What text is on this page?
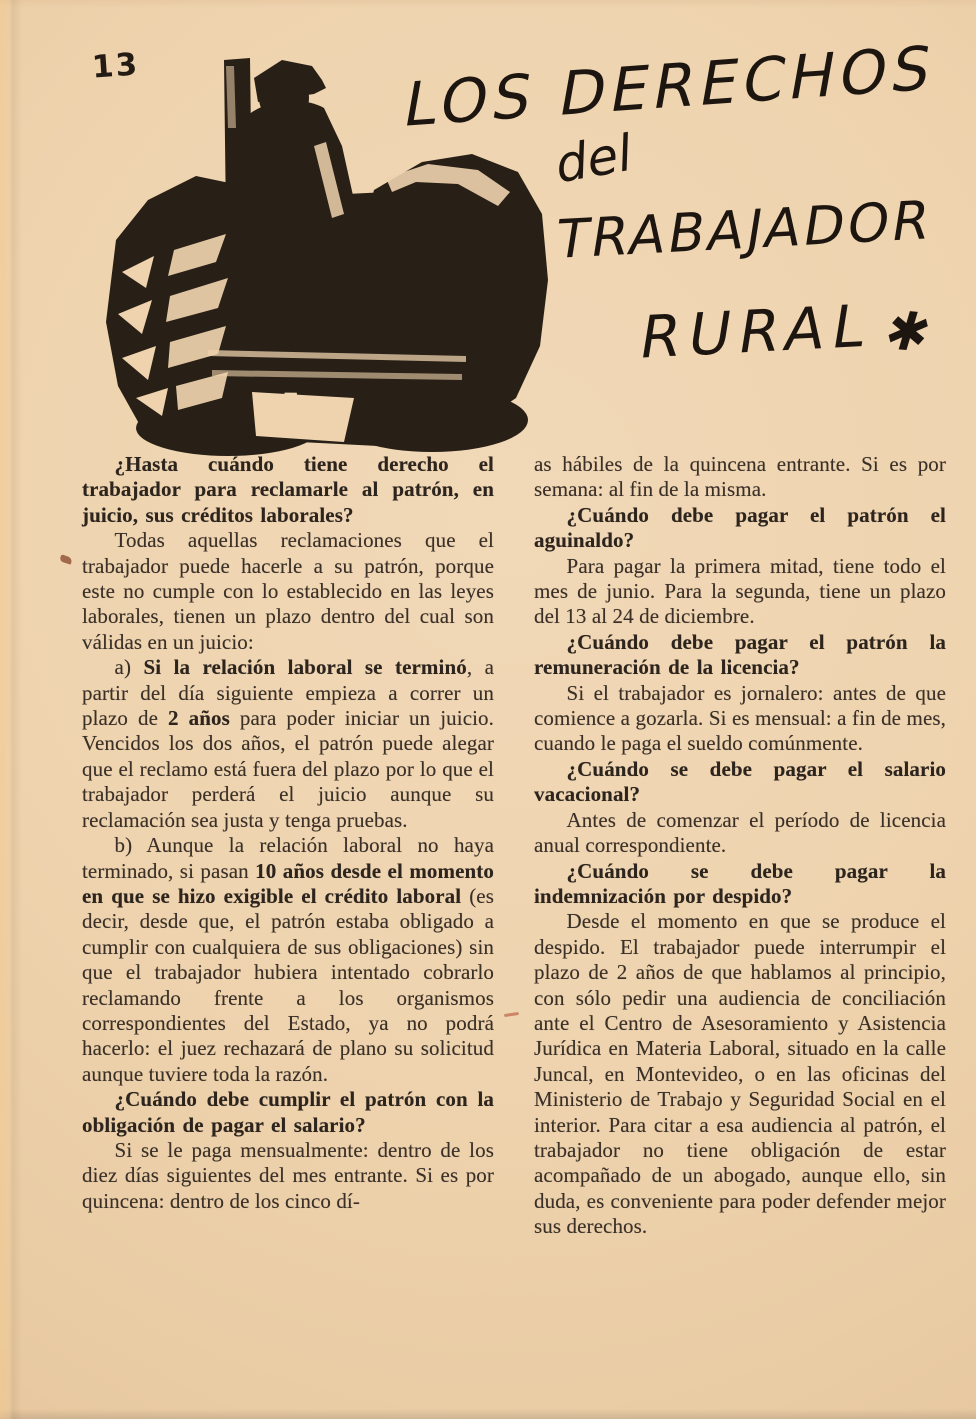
13	LOS DERECHOS
del
TRABAJADOR
RURAL✱

¿Hasta cuándo tiene derecho el trabajador para reclamarle al patrón, en juicio, sus créditos laborales?

Todas aquellas reclamaciones que el trabajador puede hacerle a su patrón, porque este no cumple con lo establecido en las leyes laborales, tienen un plazo dentro del cual son válidas en un juicio:

a) Si la relación laboral se terminó, a partir del día siguiente empieza a correr un plazo de 2 años para poder iniciar un juicio. Vencidos los dos años, el patrón puede alegar que el reclamo está fuera del plazo por lo que el trabajador perderá el juicio aunque su reclamación sea justa y tenga pruebas.

b) Aunque la relación laboral no haya terminado, si pasan 10 años desde el momento en que se hizo exigible el crédito laboral (es decir, desde que, el patrón estaba obligado a cumplir con cualquiera de sus obligaciones) sin que el trabajador hubiera intentado cobrarlo reclamando frente a los organismos correspondientes del Estado, ya no podrá hacerlo: el juez rechazará de plano su solicitud aunque tuviere toda la razón.

¿Cuándo debe cumplir el patrón con la obligación de pagar el salario?

Si se le paga mensualmente: dentro de los diez días siguientes del mes entrante. Si es por quincena: dentro de los cinco dí-

as hábiles de la quincena entrante. Si es por semana: al fin de la misma.

¿Cuándo debe pagar el patrón el aguinaldo?

Para pagar la primera mitad, tiene todo el mes de junio. Para la segunda, tiene un plazo del 13 al 24 de diciembre.

¿Cuándo debe pagar el patrón la remuneración de la licencia?

Si el trabajador es jornalero: antes de que comience a gozarla. Si es mensual: a fin de mes, cuando le paga el sueldo comúnmente.

¿Cuándo se debe pagar el salario vacacional?

Antes de comenzar el período de licencia anual correspondiente.

¿Cuándo se debe pagar la indemnización por despido?

Desde el momento en que se produce el despido. El trabajador puede interrumpir el plazo de 2 años de que hablamos al principio, con sólo pedir una audiencia de conciliación ante el Centro de Asesoramiento y Asistencia Jurídica en Materia Laboral, situado en la calle Juncal, en Montevideo, o en las oficinas del Ministerio de Trabajo y Seguridad Social en el interior. Para citar a esa audiencia al patrón, el trabajador no tiene obligación de estar acompañado de un abogado, aunque ello, sin duda, es conveniente para poder defender mejor sus derechos.
